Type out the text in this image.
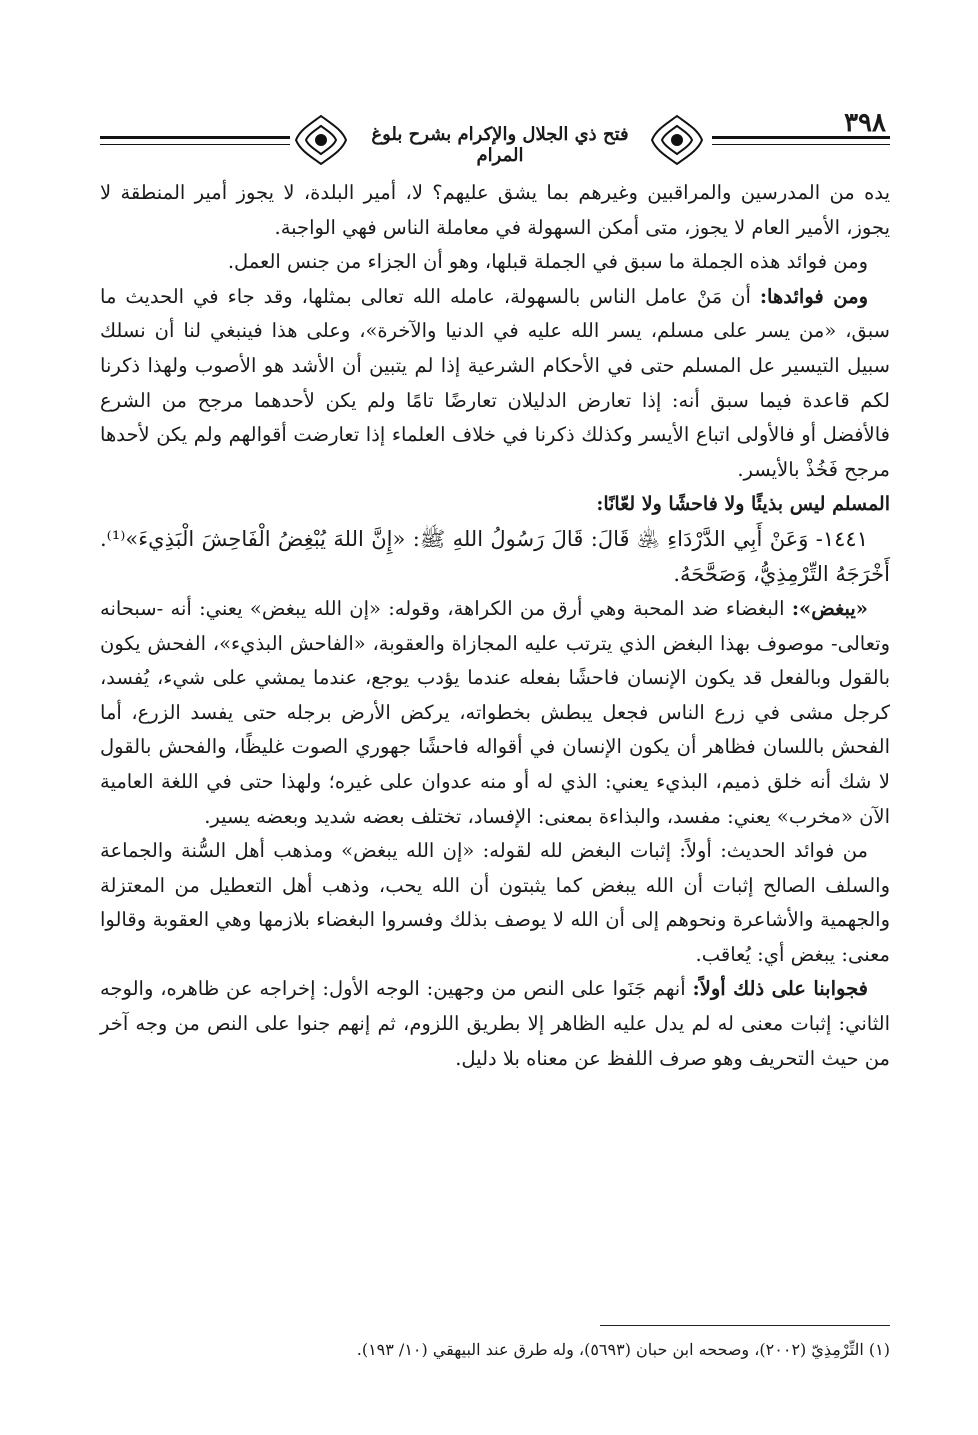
فتح ذي الجلال والإكرام بشرح بلوغ المرام
٣٩٨

يده من المدرسين والمراقبين وغيرهم بما يشق عليهم؟ لا، أمير البلدة، لا يجوز أمير المنطقة لا يجوز، الأمير العام لا يجوز، متى أمكن السهولة في معاملة الناس فهي الواجبة.

ومن فوائد هذه الجملة ما سبق في الجملة قبلها، وهو أن الجزاء من جنس العمل.

ومن فوائدها: أن مَنْ عامل الناس بالسهولة، عامله الله تعالى بمثلها، وقد جاء في الحديث ما سبق، «من يسر على مسلم، يسر الله عليه في الدنيا والآخرة»، وعلى هذا فينبغي لنا أن نسلك سبيل التيسير عل المسلم حتى في الأحكام الشرعية إذا لم يتبين أن الأشد هو الأصوب ولهذا ذكرنا لكم قاعدة فيما سبق أنه: إذا تعارض الدليلان تعارضًا تامًا ولم يكن لأحدهما مرجح من الشرع فالأفضل أو فالأولى اتباع الأيسر وكذلك ذكرنا في خلاف العلماء إذا تعارضت أقوالهم ولم يكن لأحدها مرجح فَخُذْ بالأيسر.

المسلم ليس بذيئًا ولا فاحشًا ولا لعّانًا:

١٤٤١- وَعَنْ أَبِي الدَّرْدَاءِ ﵁ قَالَ: قَالَ رَسُولُ اللهِ ﷺ: «إِنَّ اللهَ يُبْغِضُ الْفَاحِشَ الْبَذِيءَ»⁽¹⁾. أَخْرَجَهُ التِّرْمِذِيُّ، وَصَحَّحَهُ.

«يبغض»: البغضاء ضد المحبة وهي أرق من الكراهة، وقوله: «إن الله يبغض» يعني: أنه -سبحانه وتعالى- موصوف بهذا البغض الذي يترتب عليه المجازاة والعقوبة، «الفاحش البذيء»، الفحش يكون بالقول وبالفعل قد يكون الإنسان فاحشًا بفعله عندما يؤدب يوجع، عندما يمشي على شيء، يُفسد، كرجل مشى في زرع الناس فجعل يبطش بخطواته، يركض الأرض برجله حتى يفسد الزرع، أما الفحش باللسان فظاهر أن يكون الإنسان في أقواله فاحشًا جهوري الصوت غليظًا، والفحش بالقول لا شك أنه خلق ذميم، البذيء يعني: الذي له أو منه عدوان على غيره؛ ولهذا حتى في اللغة العامية الآن «مخرب» يعني: مفسد، والبذاءة بمعنى: الإفساد، تختلف بعضه شديد وبعضه يسير.

من فوائد الحديث: أولاً: إثبات البغض لله لقوله: «إن الله يبغض» ومذهب أهل السُّنة والجماعة والسلف الصالح إثبات أن الله يبغض كما يثبتون أن الله يحب، وذهب أهل التعطيل من المعتزلة والجهمية والأشاعرة ونحوهم إلى أن الله لا يوصف بذلك وفسروا البغضاء بلازمها وهي العقوبة وقالوا معنى: يبغض أي: يُعاقب.

فجوابنا على ذلك أولاً: أنهم جَنَوا على النص من وجهين: الوجه الأول: إخراجه عن ظاهره، والوجه الثاني: إثبات معنى له لم يدل عليه الظاهر إلا بطريق اللزوم، ثم إنهم جنوا على النص من وجه آخر من حيث التحريف وهو صرف اللفظ عن معناه بلا دليل.

(١) التِّرْمِذِيّ (٢٠٠٢)، وصححه ابن حبان (٥٦٩٣)، وله طرق عند البيهقي (١٠/ ١٩٣).
